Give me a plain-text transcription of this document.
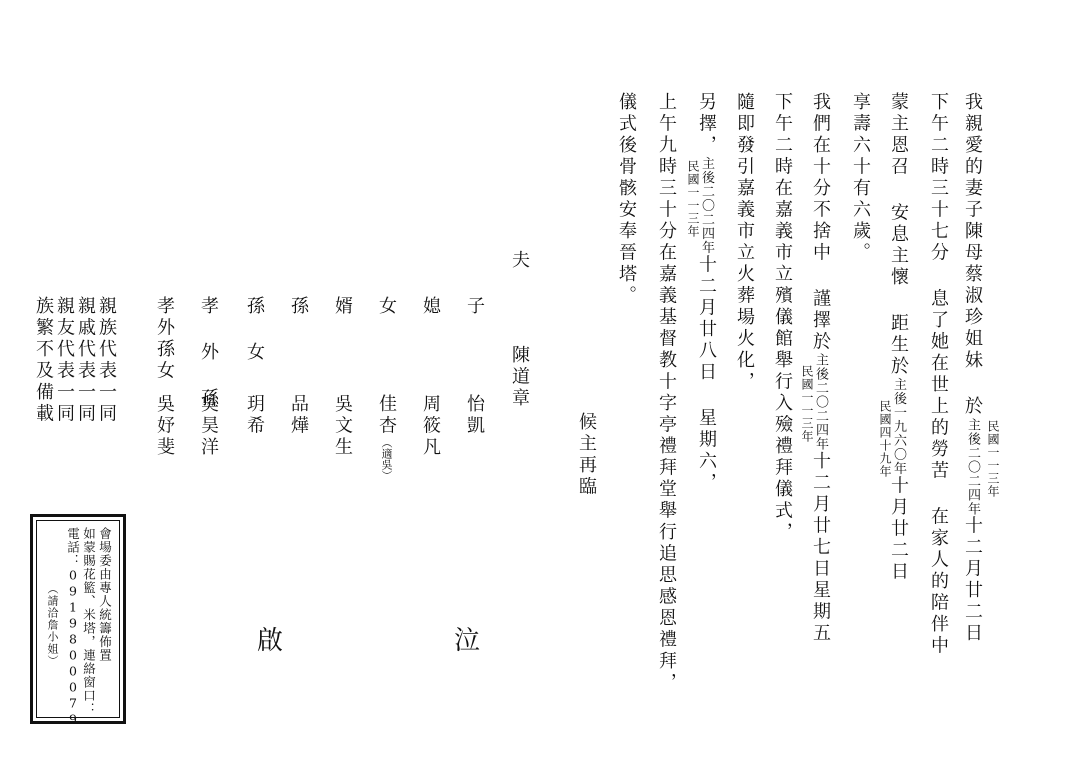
我親愛的妻子陳母蔡淑珍姐妹 於主後二〇二四年十二月廿二日
民國一一三年
下午二時三十七分 息了她在世上的勞苦 在家人的陪伴中
蒙主恩召 安息主懷 距生於主後一九六〇年十月廿二日
民國四十九年
享壽六十有六歲。
我們在十分不捨中 謹擇於主後二〇二四年十二月廿七日星期五
民國一一三年
下午二時在嘉義市立殯儀館舉行入殮禮拜儀式，
隨即發引嘉義市立火葬場火化，
另擇，主後二〇二四年十二月廿八日 星期六，
民國一一三年
上午九時三十分在嘉義基督教十字亭禮拜堂舉行追思感恩禮拜，
儀式後骨骸安奉晉塔。
候主再臨
夫
陳道章
子
怡凱
媳
周筱凡
女
佳杏（適吳）
婿
吳文生
孫
品燁
孫 女
玥希
孝 外 孫
吳昊洋
孝外孫女
吳妤斐
親族代表一同
親戚代表一同
親友代表一同
族繁不及備載
泣
啟
會場委由專人統籌佈置
如蒙賜花籃、米塔，連絡窗口：
電話：0919800079
（請洽詹小姐）
